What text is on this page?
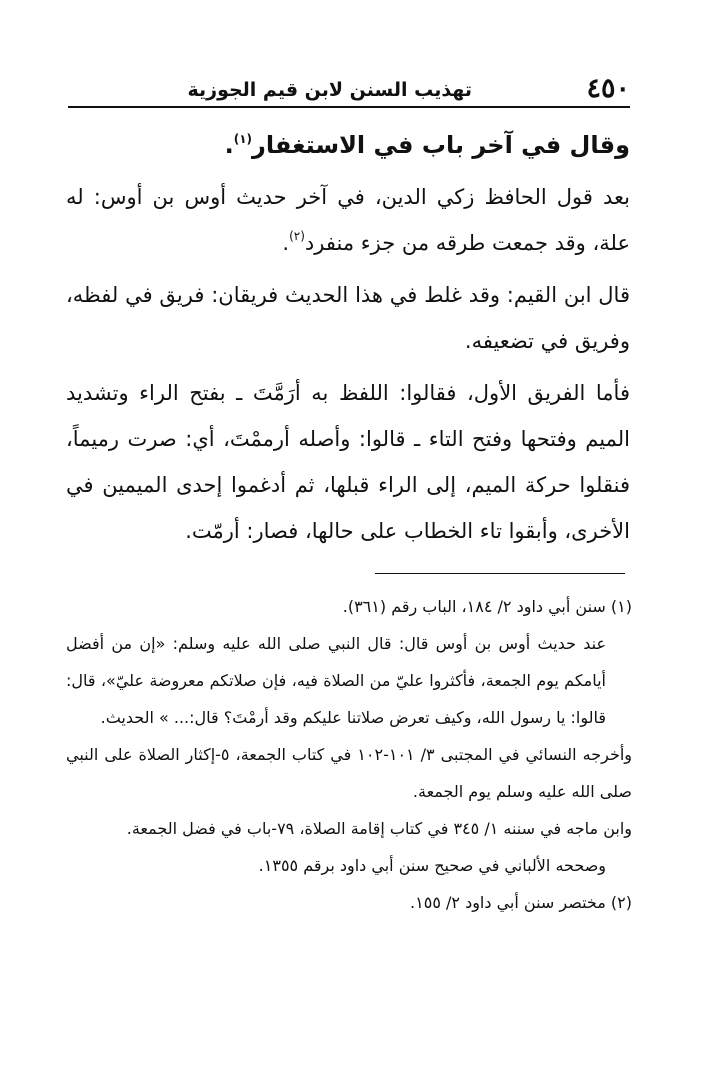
٤٥٠
تهذيب السنن لابن قيم الجوزية

وقال في آخر باب في الاستغفار$^{(١)}$.

بعد قول الحافظ زكي الدين، في آخر حديث أوس بن أوس: له علة، وقد جمعت طرقه من جزء منفرد$^{(٢)}$.

قال ابن القيم: وقد غلط في هذا الحديث فريقان: فريق في لفظه، وفريق في تضعيفه.

فأما الفريق الأول، فقالوا: اللفظ به أرَمَّتَ ـ بفتح الراء وتشديد الميم وفتحها وفتح التاء ـ قالوا: وأصله أرممْتَ، أي: صرت رميماً، فنقلوا حركة الميم، إلى الراء قبلها، ثم أدغموا إحدى الميمين في الأخرى، وأبقوا تاء الخطاب على حالها، فصار: أرمّت.

(١) سنن أبي داود ٢/ ١٨٤، الباب رقم (٣٦١).

عند حديث أوس بن أوس قال: قال النبي صلى الله عليه وسلم: «إن من أفضل أيامكم يوم الجمعة، فأكثروا عليّ من الصلاة فيه، فإن صلاتكم معروضة عليّ»، قال: قالوا: يا رسول الله، وكيف تعرض صلاتنا عليكم وقد أرمْتَ؟ قال:... » الحديث.

وأخرجه النسائي في المجتبى ٣/ ١٠١-١٠٢ في كتاب الجمعة، ٥-إكثار الصلاة على النبي صلى الله عليه وسلم يوم الجمعة.

وابن ماجه في سننه ١/ ٣٤٥ في كتاب إقامة الصلاة، ٧٩-باب في فضل الجمعة.

وصححه الألباني في صحيح سنن أبي داود برقم ١٣٥٥.

(٢) مختصر سنن أبي داود ٢/ ١٥٥.
